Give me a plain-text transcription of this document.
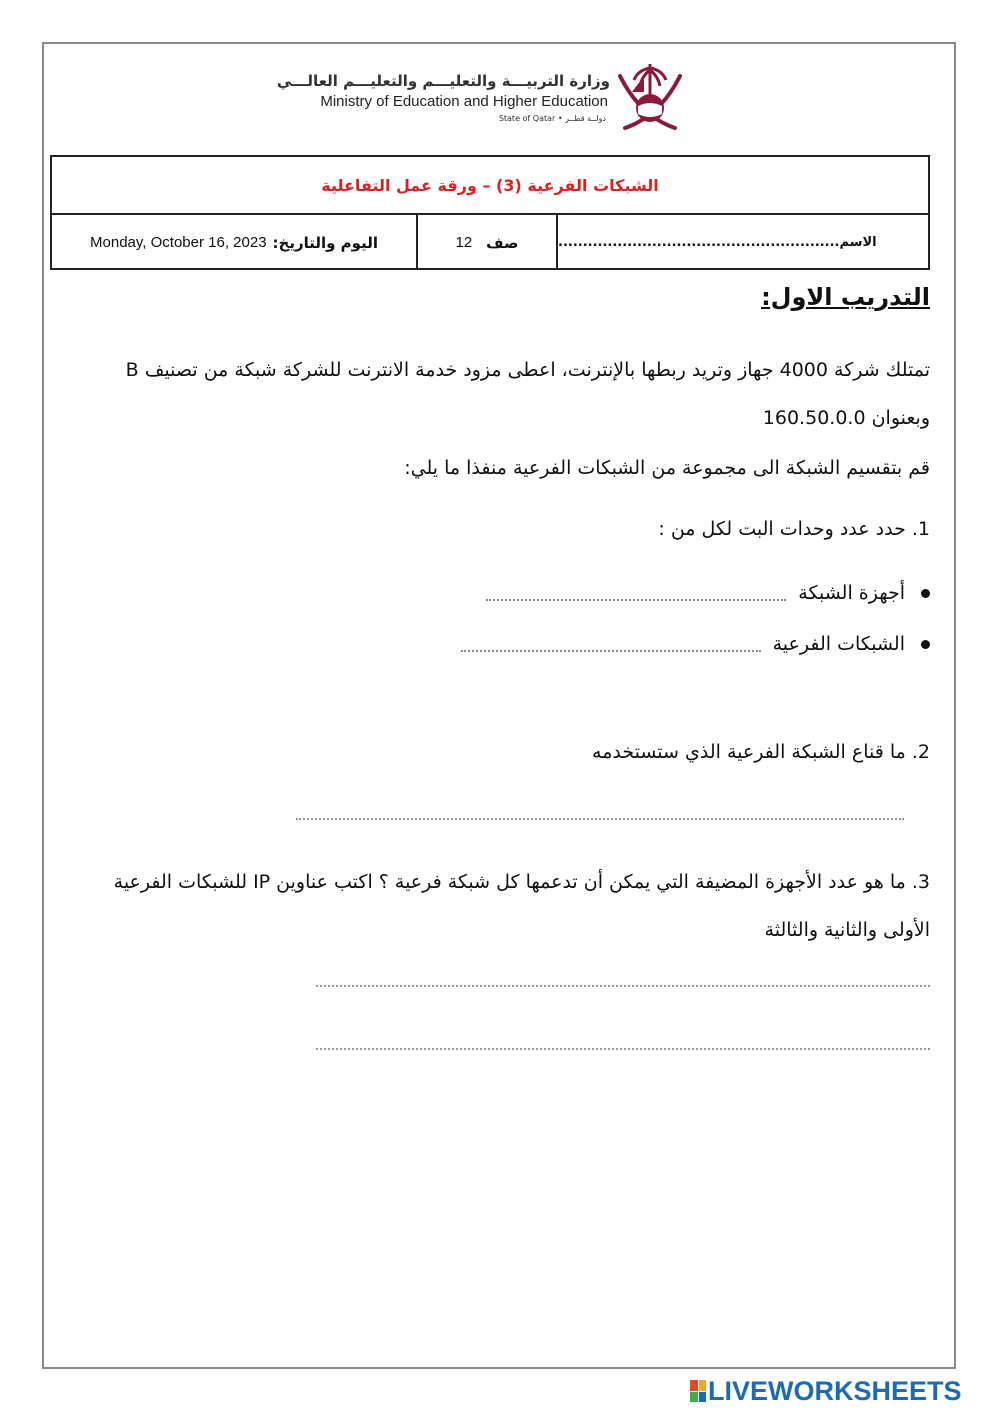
وزارة التربيـــة والتعليـــم والتعليـــم العالـــي
Ministry of Education and Higher Education
State of Qatar • دولــة قطــر
الشبكات الفرعية (3) – ورقة عمل التفاعلية
اليوم والتاريخ:
Monday, October 16, 2023	صف
12	الاسم
.........................................................
التدريب الاول:
تمتلك شركة 4000 جهاز وتريد ربطها بالإنترنت، اعطى مزود خدمة الانترنت للشركة شبكة من تصنيف B وبعنوان 160.50.0.0
قم بتقسيم الشبكة الى مجموعة من الشبكات الفرعية منفذا ما يلي:
1. حدد عدد وحدات البت لكل من :
أجهزة الشبكة
الشبكات الفرعية
2. ما قناع الشبكة الفرعية الذي ستستخدمه
3. ما هو عدد الأجهزة المضيفة التي يمكن أن تدعمها كل شبكة فرعية ؟ اكتب عناوين IP للشبكات الفرعية الأولى والثانية والثالثة
LIVEWORKSHEETS
